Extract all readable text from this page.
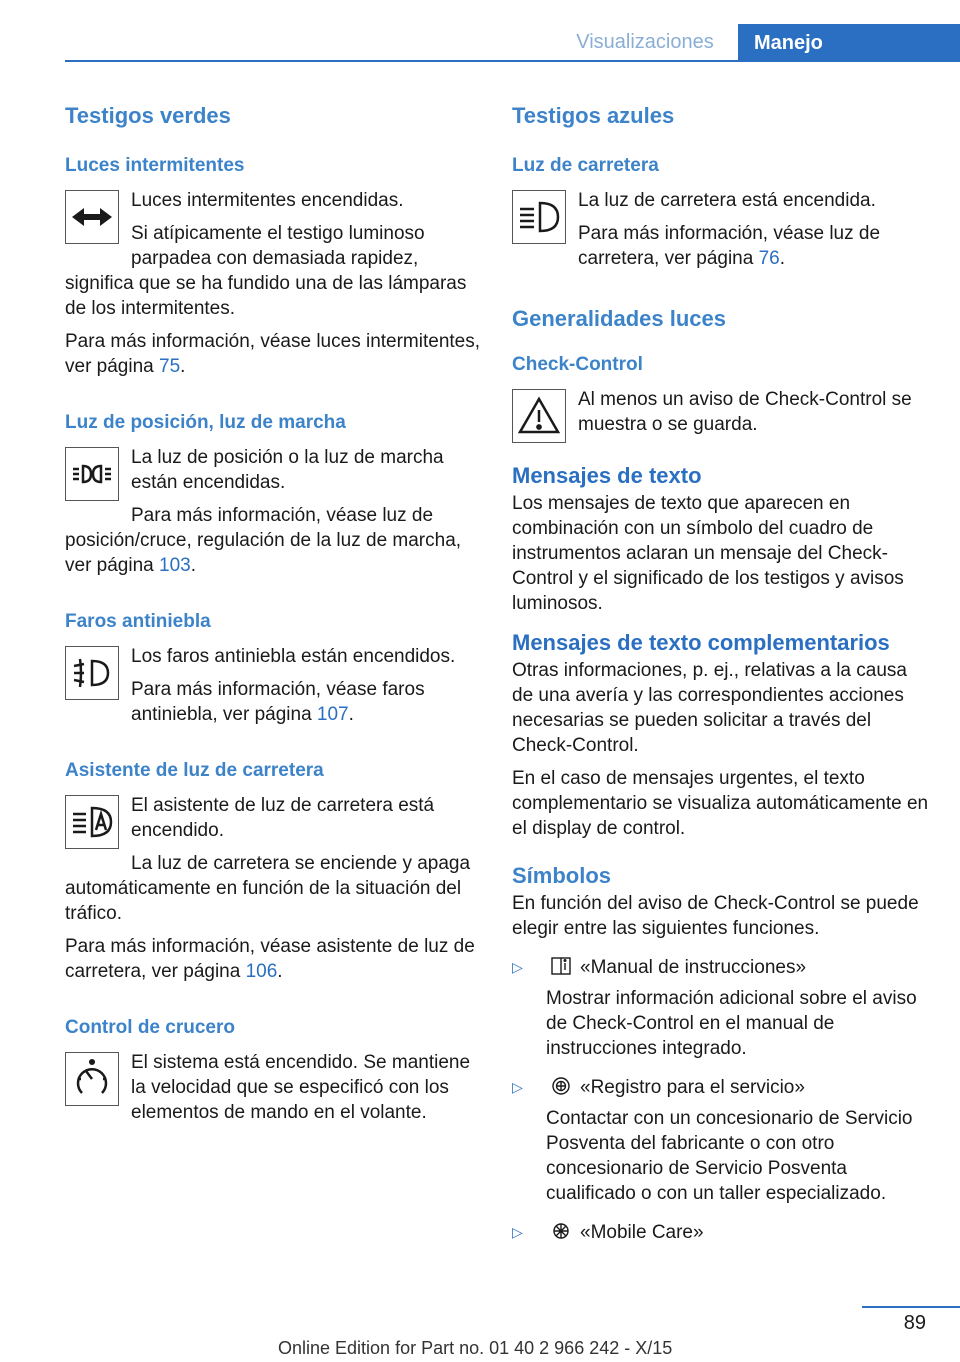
Visualizaciones	Manejo
Testigos verdes
Luces intermitentes

Luces intermitentes encendidas.

Si atípicamente el testigo luminoso parpadea con demasiada rapidez, significa que se ha fundido una de las lámparas de los intermitentes.

Para más información, véase luces intermitentes, ver página 75.

Luz de posición, luz de marcha

La luz de posición o la luz de marcha están encendidas.

Para más información, véase luz de posición/cruce, regulación de la luz de marcha, ver página 103.

Faros antiniebla

Los faros antiniebla están encendidos.

Para más información, véase faros antiniebla, ver página 107.

Asistente de luz de carretera

El asistente de luz de carretera está encendido.

La luz de carretera se enciende y apaga automáticamente en función de la situación del tráfico.

Para más información, véase asistente de luz de carretera, ver página 106.

Control de crucero

El sistema está encendido. Se mantiene la velocidad que se especificó con los elementos de mando en el volante.

Testigos azules
Luz de carretera

La luz de carretera está encendida.

Para más información, véase luz de carretera, ver página 76.

Generalidades luces
Check-Control

Al menos un aviso de Check-Control se muestra o se guarda.

Mensajes de texto

Los mensajes de texto que aparecen en combinación con un símbolo del cuadro de instrumentos aclaran un mensaje del Check-Control y el significado de los testigos y avisos luminosos.

Mensajes de texto complementarios

Otras informaciones, p. ej., relativas a la causa de una avería y las correspondientes acciones necesarias se pueden solicitar a través del Check-Control.

En el caso de mensajes urgentes, el texto complementario se visualiza automáticamente en el display de control.

Símbolos

En función del aviso de Check-Control se puede elegir entre las siguientes funciones.

▷	«Manual de instrucciones»

Mostrar información adicional sobre el aviso de Check-Control en el manual de instrucciones integrado.

▷	«Registro para el servicio»

Contactar con un concesionario de Servicio Posventa del fabricante o con otro concesionario de Servicio Posventa cualificado o con un taller especializado.

▷	«Mobile Care»

89
Online Edition for Part no. 01 40 2 966 242 - X/15
